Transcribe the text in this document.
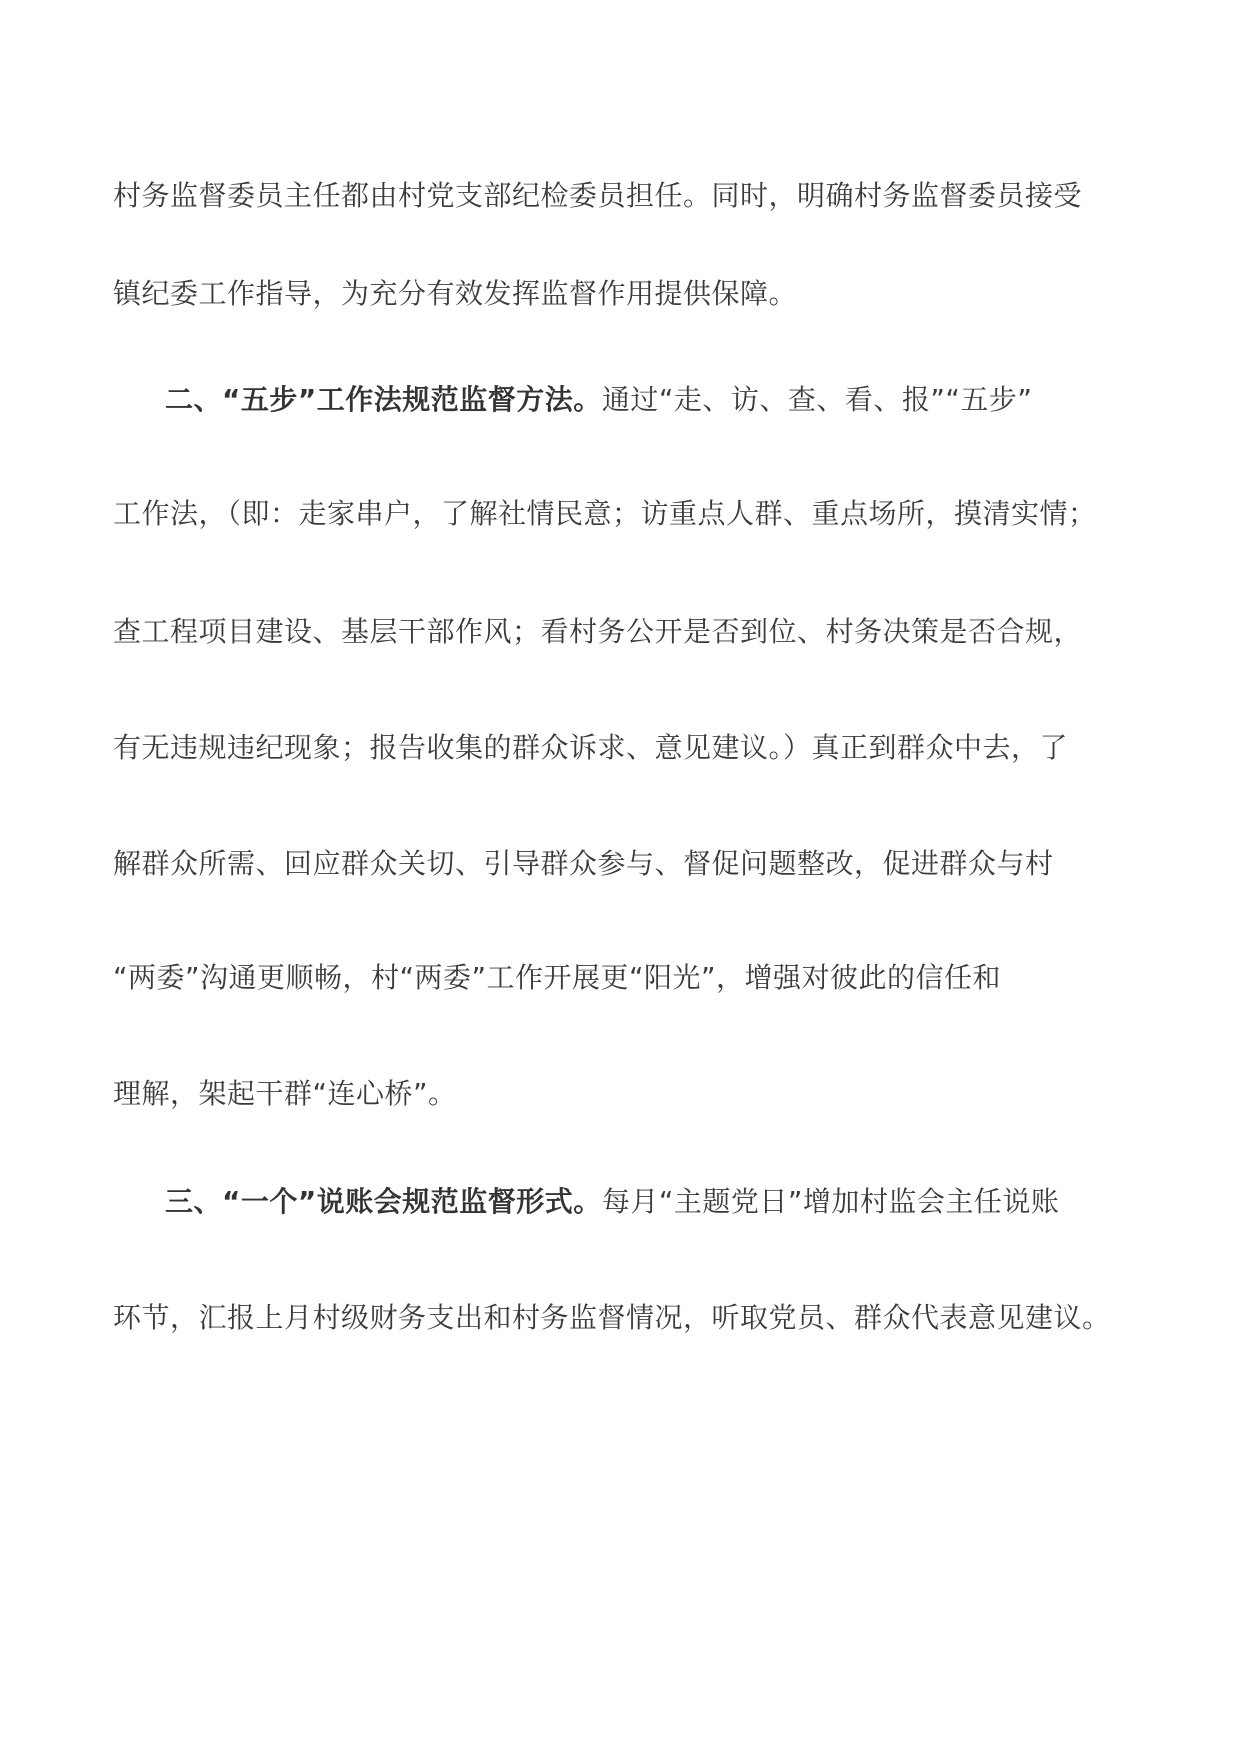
村务监督委员主任都由村党支部纪检委员担任。同时，明确村务监督委员接受
镇纪委工作指导，为充分有效发挥监督作用提供保障。
二、“五步”工作法规范监督方法。通过“走、访、查、看、报”“五步”
工作法，（即：走家串户，了解社情民意；访重点人群、重点场所，摸清实情；
查工程项目建设、基层干部作风；看村务公开是否到位、村务决策是否合规，
有无违规违纪现象；报告收集的群众诉求、意见建议。）真正到群众中去，了
解群众所需、回应群众关切、引导群众参与、督促问题整改，促进群众与村
“两委”沟通更顺畅，村“两委”工作开展更“阳光”，增强对彼此的信任和
理解，架起干群“连心桥”。
三、“一个”说账会规范监督形式。每月“主题党日”增加村监会主任说账
环节，汇报上月村级财务支出和村务监督情况，听取党员、群众代表意见建议。
